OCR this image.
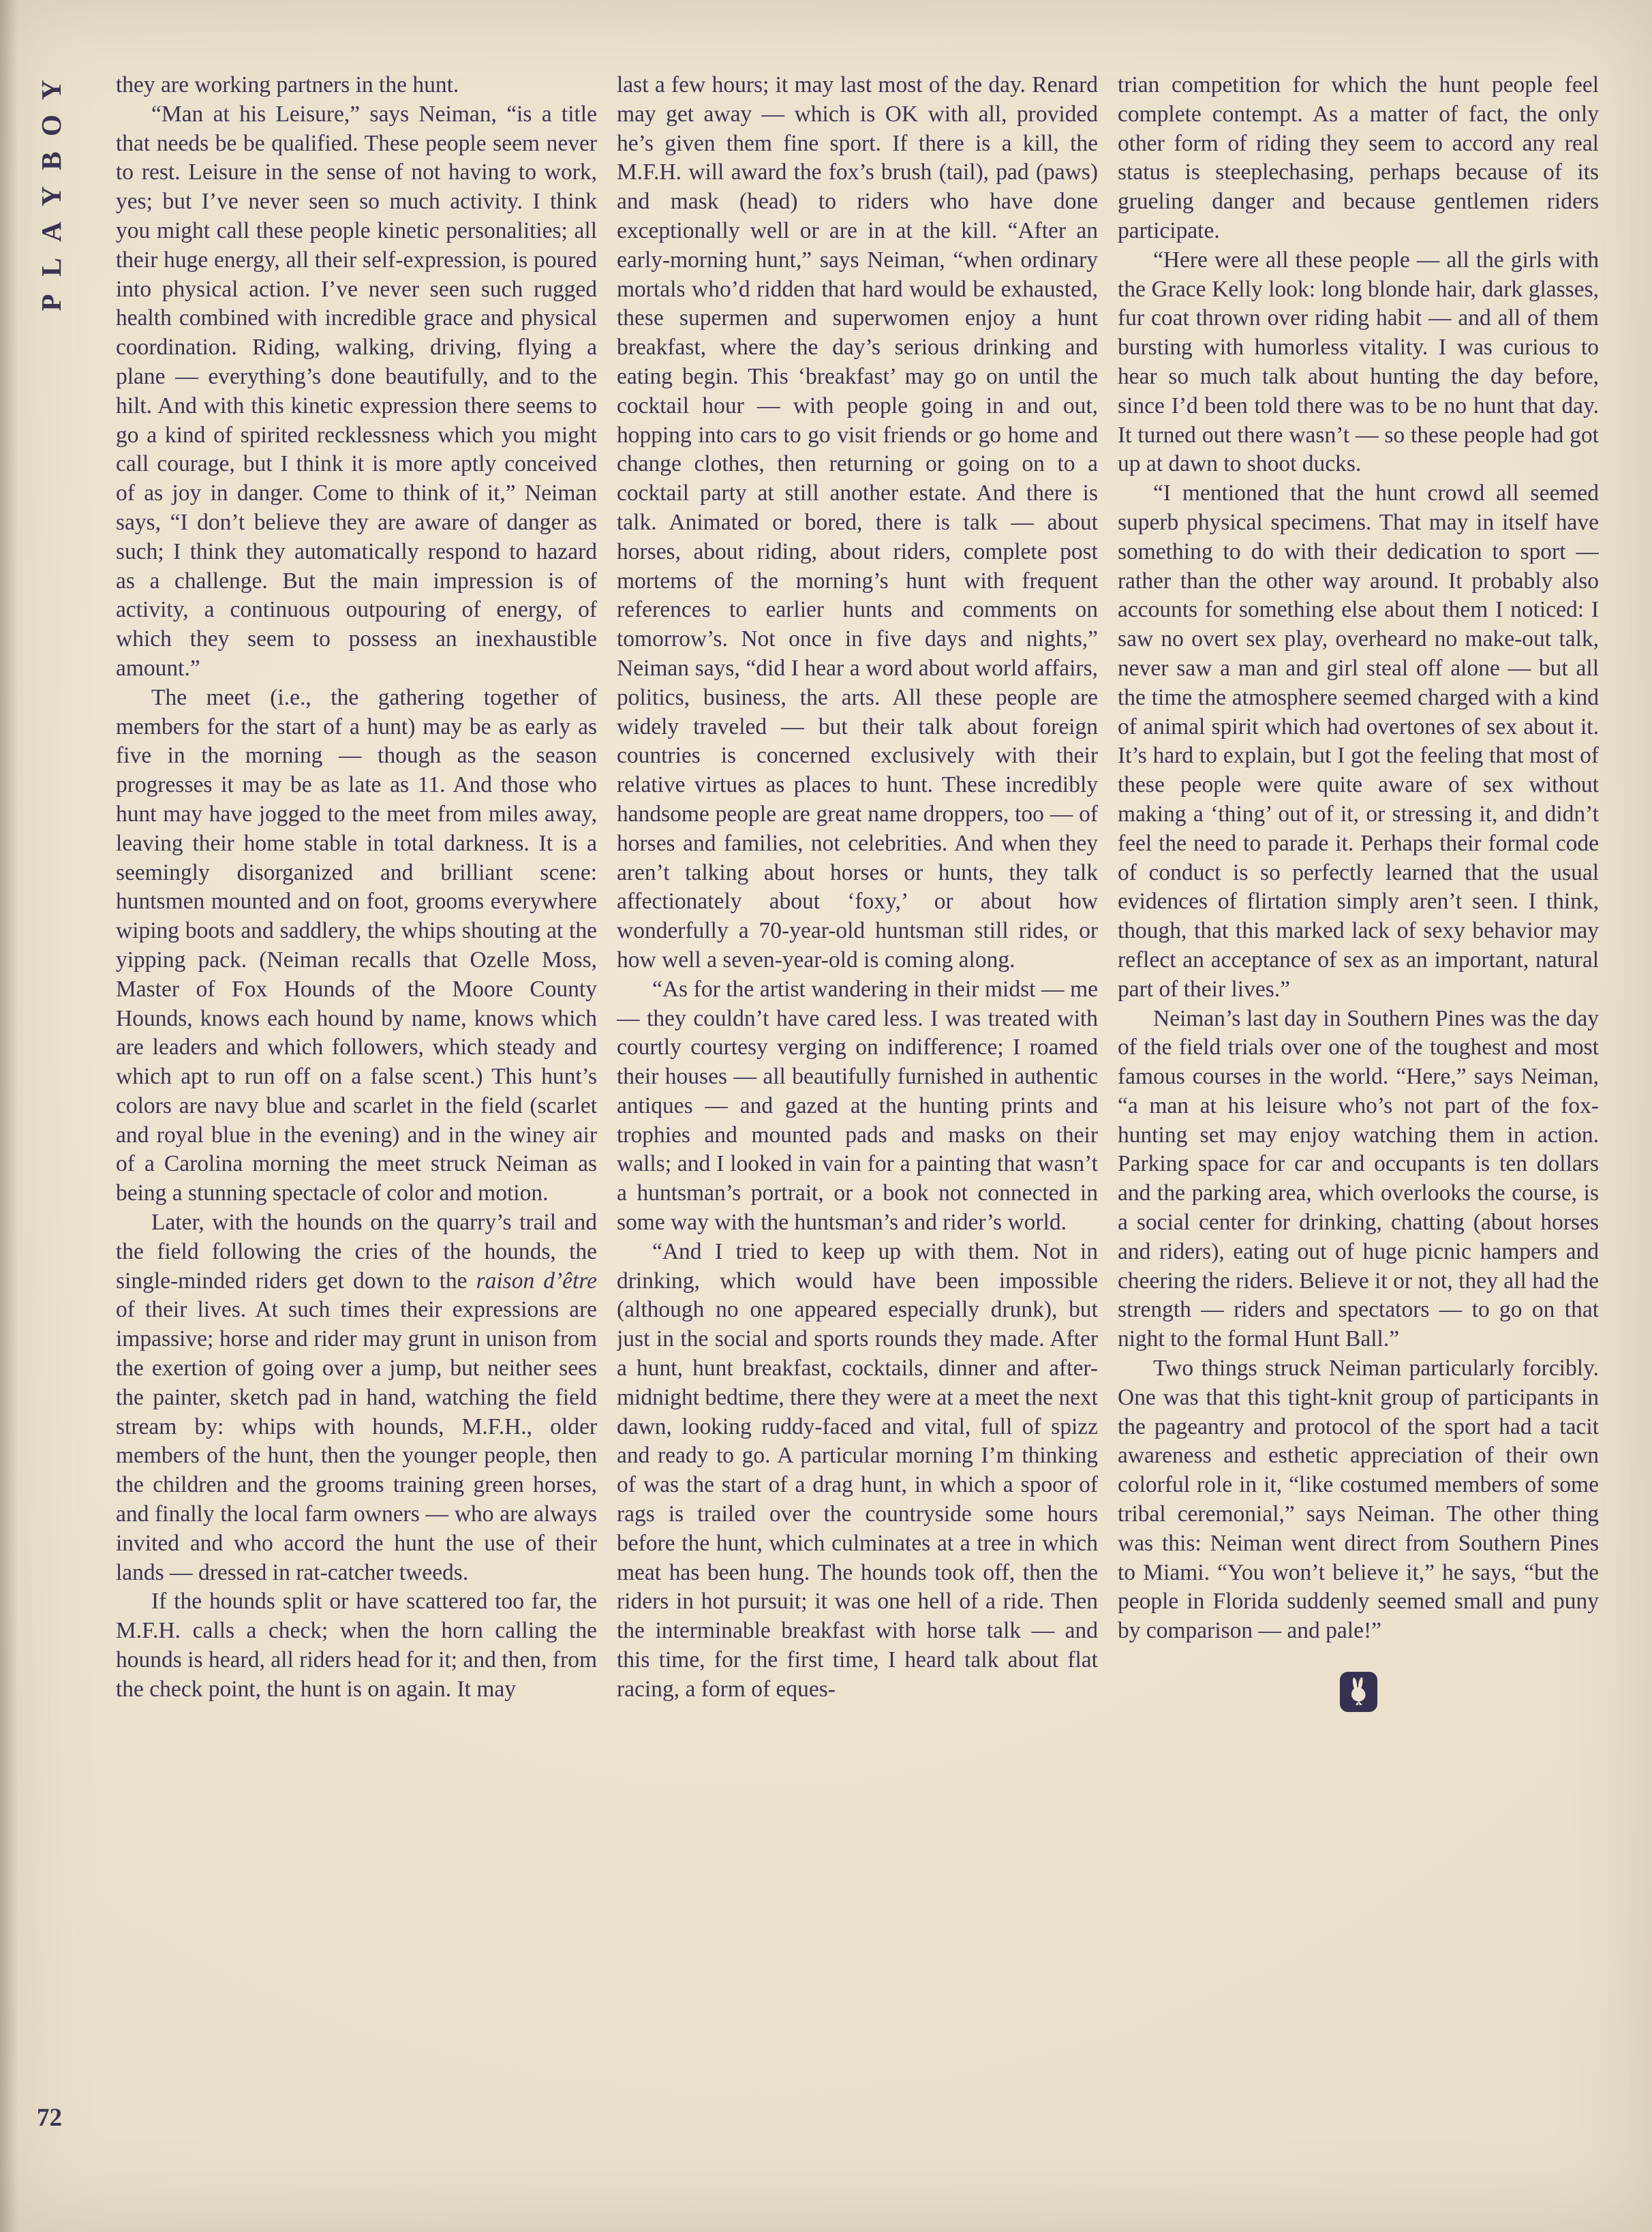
Y
O
B
Y
A
L
P

they are working partners in the hunt.

“Man at his Leisure,” says Neiman, “is a title that needs be be qualified. These people seem never to rest. Leisure in the sense of not having to work, yes; but I’ve never seen so much activity. I think you might call these people kinetic personalities; all their huge energy, all their self-expression, is poured into physical action. I’ve never seen such rugged health combined with incredible grace and physical coordination. Riding, walking, driving, flying a plane — everything’s done beautifully, and to the hilt. And with this kinetic expression there seems to go a kind of spirited recklessness which you might call courage, but I think it is more aptly conceived of as joy in danger. Come to think of it,” Neiman says, “I don’t believe they are aware of danger as such; I think they automatically respond to hazard as a challenge. But the main impression is of activity, a continuous outpouring of energy, of which they seem to possess an inexhaustible amount.”

The meet (i.e., the gathering together of members for the start of a hunt) may be as early as five in the morning — though as the season progresses it may be as late as 11. And those who hunt may have jogged to the meet from miles away, leaving their home stable in total darkness. It is a seemingly disorganized and brilliant scene: huntsmen mounted and on foot, grooms everywhere wiping boots and saddlery, the whips shouting at the yipping pack. (Neiman recalls that Ozelle Moss, Master of Fox Hounds of the Moore County Hounds, knows each hound by name, knows which are leaders and which followers, which steady and which apt to run off on a false scent.) This hunt’s colors are navy blue and scarlet in the field (scarlet and royal blue in the evening) and in the winey air of a Carolina morning the meet struck Neiman as being a stunning spectacle of color and motion.

Later, with the hounds on the quarry’s trail and the field following the cries of the hounds, the single-minded riders get down to the raison d’être of their lives. At such times their expressions are impassive; horse and rider may grunt in unison from the exertion of going over a jump, but neither sees the painter, sketch pad in hand, watching the field stream by: whips with hounds, M.F.H., older members of the hunt, then the younger people, then the children and the grooms training green horses, and finally the local farm owners — who are always invited and who accord the hunt the use of their lands — dressed in rat-catcher tweeds.

If the hounds split or have scattered too far, the M.F.H. calls a check; when the horn calling the hounds is heard, all riders head for it; and then, from the check point, the hunt is on again. It may

last a few hours; it may last most of the day. Renard may get away — which is OK with all, provided he’s given them fine sport. If there is a kill, the M.F.H. will award the fox’s brush (tail), pad (paws) and mask (head) to riders who have done exceptionally well or are in at the kill. “After an early-morning hunt,” says Neiman, “when ordinary mortals who’d ridden that hard would be exhausted, these supermen and superwomen enjoy a hunt breakfast, where the day’s serious drinking and eating begin. This ‘breakfast’ may go on until the cocktail hour — with people going in and out, hopping into cars to go visit friends or go home and change clothes, then returning or going on to a cocktail party at still another estate. And there is talk. Animated or bored, there is talk — about horses, about riding, about riders, complete post mortems of the morning’s hunt with frequent references to earlier hunts and comments on tomorrow’s. Not once in five days and nights,” Neiman says, “did I hear a word about world affairs, politics, business, the arts. All these people are widely traveled — but their talk about foreign countries is concerned exclusively with their relative virtues as places to hunt. These incredibly handsome people are great name droppers, too — of horses and families, not celebrities. And when they aren’t talking about horses or hunts, they talk affectionately about ‘foxy,’ or about how wonderfully a 70-year-old huntsman still rides, or how well a seven-year-old is coming along.

“As for the artist wandering in their midst — me — they couldn’t have cared less. I was treated with courtly courtesy verging on indifference; I roamed their houses — all beautifully furnished in authentic antiques — and gazed at the hunting prints and trophies and mounted pads and masks on their walls; and I looked in vain for a painting that wasn’t a huntsman’s portrait, or a book not connected in some way with the huntsman’s and rider’s world.

“And I tried to keep up with them. Not in drinking, which would have been impossible (although no one appeared especially drunk), but just in the social and sports rounds they made. After a hunt, hunt breakfast, cocktails, dinner and after-midnight bedtime, there they were at a meet the next dawn, looking ruddy-faced and vital, full of spizz and ready to go. A particular morning I’m thinking of was the start of a drag hunt, in which a spoor of rags is trailed over the countryside some hours before the hunt, which culminates at a tree in which meat has been hung. The hounds took off, then the riders in hot pursuit; it was one hell of a ride. Then the interminable breakfast with horse talk — and this time, for the first time, I heard talk about flat racing, a form of eques-

trian competition for which the hunt people feel complete contempt. As a matter of fact, the only other form of riding they seem to accord any real status is steeplechasing, perhaps because of its grueling danger and because gentlemen riders participate.

“Here were all these people — all the girls with the Grace Kelly look: long blonde hair, dark glasses, fur coat thrown over riding habit — and all of them bursting with humorless vitality. I was curious to hear so much talk about hunting the day before, since I’d been told there was to be no hunt that day. It turned out there wasn’t — so these people had got up at dawn to shoot ducks.

“I mentioned that the hunt crowd all seemed superb physical specimens. That may in itself have something to do with their dedication to sport — rather than the other way around. It probably also accounts for something else about them I noticed: I saw no overt sex play, overheard no make-out talk, never saw a man and girl steal off alone — but all the time the atmosphere seemed charged with a kind of animal spirit which had overtones of sex about it. It’s hard to explain, but I got the feeling that most of these people were quite aware of sex without making a ‘thing’ out of it, or stressing it, and didn’t feel the need to parade it. Perhaps their formal code of conduct is so perfectly learned that the usual evidences of flirtation simply aren’t seen. I think, though, that this marked lack of sexy behavior may reflect an acceptance of sex as an important, natural part of their lives.”

Neiman’s last day in Southern Pines was the day of the field trials over one of the toughest and most famous courses in the world. “Here,” says Neiman, “a man at his leisure who’s not part of the fox-hunting set may enjoy watching them in action. Parking space for car and occupants is ten dollars and the parking area, which overlooks the course, is a social center for drinking, chatting (about horses and riders), eating out of huge picnic hampers and cheering the riders. Believe it or not, they all had the strength — riders and spectators — to go on that night to the formal Hunt Ball.”

Two things struck Neiman particularly forcibly. One was that this tight-knit group of participants in the pageantry and protocol of the sport had a tacit awareness and esthetic appreciation of their own colorful role in it, “like costumed members of some tribal ceremonial,” says Neiman. The other thing was this: Neiman went direct from Southern Pines to Miami. “You won’t believe it,” he says, “but the people in Florida suddenly seemed small and puny by comparison — and pale!”

72
